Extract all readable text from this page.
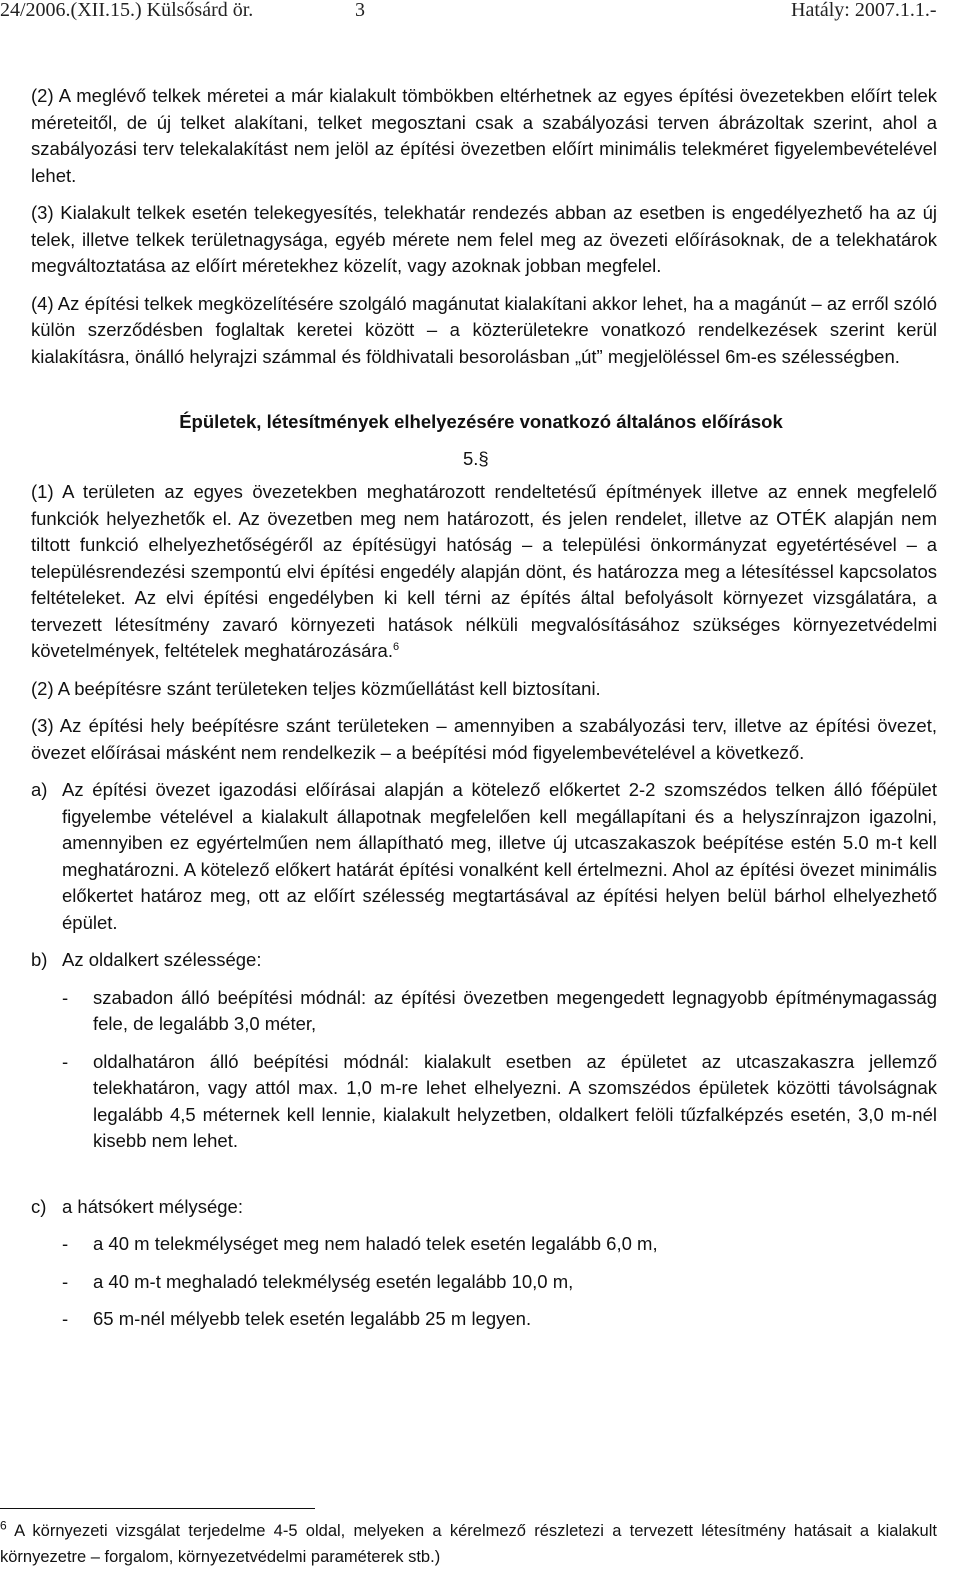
24/2006.(XII.15.) Külsősárd ör.	3	Hatály: 2007.1.1.-

(2) A meglévő telkek méretei a már kialakult tömbökben eltérhetnek az egyes építési övezetekben előírt telek méreteitől, de új telket alakítani, telket megosztani csak a szabályozási terven ábrázoltak szerint, ahol a szabályozási terv telekalakítást nem jelöl az építési övezetben előírt minimális telekméret figyelembevételével lehet.

(3) Kialakult telkek esetén telekegyesítés, telekhatár rendezés abban az esetben is engedélyezhető ha az új telek, illetve telkek területnagysága, egyéb mérete nem felel meg az övezeti előírásoknak, de a telekhatárok megváltoztatása az előírt méretekhez közelít, vagy azoknak jobban megfelel.

(4) Az építési telkek megközelítésére szolgáló magánutat kialakítani akkor lehet, ha a magánút – az erről szóló külön szerződésben foglaltak keretei között – a közterületekre vonatkozó rendelkezések szerint kerül kialakításra, önálló helyrajzi számmal és földhivatali besorolásban „út” megjelöléssel 6m-es szélességben.

Épületek, létesítmények elhelyezésére vonatkozó általános előírások
5.§

(1) A területen az egyes övezetekben meghatározott rendeltetésű építmények illetve az ennek megfelelő funkciók helyezhetők el. Az övezetben meg nem határozott, és jelen rendelet, illetve az OTÉK alapján nem tiltott funkció elhelyezhetőségéről az építésügyi hatóság – a települési önkormányzat egyetértésével – a településrendezési szempontú elvi építési engedély alapján dönt, és határozza meg a létesítéssel kapcsolatos feltételeket. Az elvi építési engedélyben ki kell térni az építés által befolyásolt környezet vizsgálatára, a tervezett létesítmény zavaró környezeti hatások nélküli megvalósításához szükséges környezetvédelmi követelmények, feltételek meghatározására.$^6$

(2) A beépítésre szánt területeken teljes közműellátást kell biztosítani.

(3) Az építési hely beépítésre szánt területeken – amennyiben a szabályozási terv, illetve az építési övezet, övezet előírásai másként nem rendelkezik – a beépítési mód figyelembevételével a következő.

a) Az építési övezet igazodási előírásai alapján a kötelező előkertet 2-2 szomszédos telken álló főépület figyelembe vételével a kialakult állapotnak megfelelően kell megállapítani és a helyszínrajzon igazolni, amennyiben ez egyértelműen nem állapítható meg, illetve új utcaszakaszok beépítése estén 5.0 m-t kell meghatározni. A kötelező előkert határát építési vonalként kell értelmezni. Ahol az építési övezet minimális előkertet határoz meg, ott az előírt szélesség megtartásával az építési helyen belül bárhol elhelyezhető épület.
b) Az oldalkert szélessége:
-	szabadon álló beépítési módnál: az építési övezetben megengedett legnagyobb építménymagasság fele, de legalább 3,0 méter,
-	oldalhatáron álló beépítési módnál: kialakult esetben az épületet az utcaszakaszra jellemző telekhatáron, vagy attól max. 1,0 m-re lehet elhelyezni. A szomszédos épületek közötti távolságnak legalább 4,5 méternek kell lennie, kialakult helyzetben, oldalkert felöli tűzfalképzés esetén, 3,0 m-nél kisebb nem lehet.
c) a hátsókert mélysége:
-	a 40 m telekmélységet meg nem haladó telek esetén legalább 6,0 m,
-	a 40 m-t meghaladó telekmélység esetén legalább 10,0 m,
-	65 m-nél mélyebb telek esetén legalább 25 m legyen.
$^6$ A környezeti vizsgálat terjedelme 4-5 oldal, melyeken a kérelmező részletezi a tervezett létesítmény hatásait a kialakult környezetre – forgalom, környezetvédelmi paraméterek stb.)
